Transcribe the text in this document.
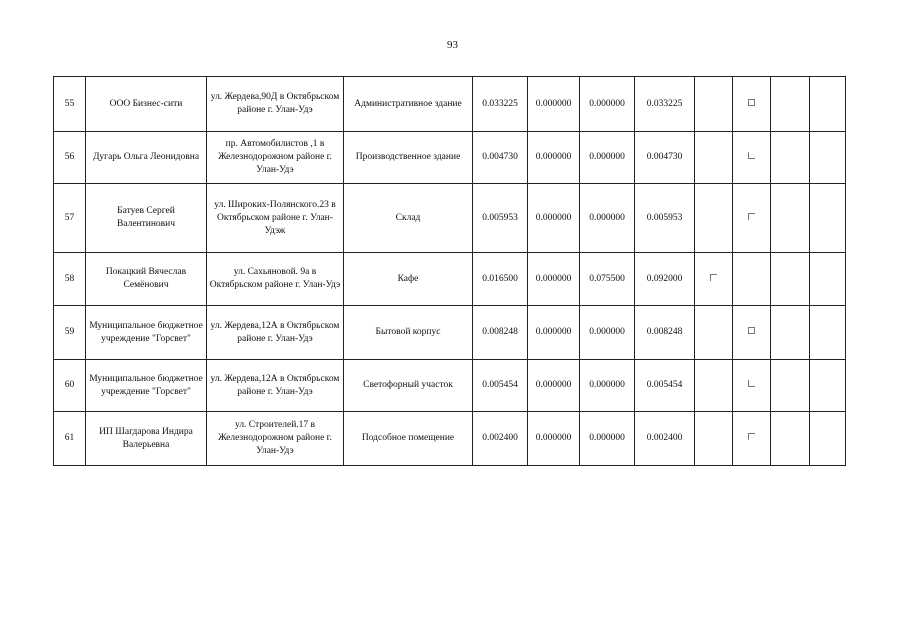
93
55	ООО Бизнес-сити	ул. Жердева,90Д в Октябрьском районе г. Улан-Удэ	Административное здание	0.033225	0.000000	0.000000	0.033225				
56	Дугарь Ольга Леонидовна	пр. Автомобилистов ,1 в Железнодорожном районе г. Улан-Удэ	Производственное здание	0.004730	0.000000	0.000000	0.004730				
57	Батуев Сергей Валентинович	ул. Широких-Полянского.23 в Октябрьском районе г. Улан-Удэж	Склад	0.005953	0.000000	0.000000	0.005953				
58	Покацкий Вячеслав Семёнович	ул. Сахьяновой. 9а в Октябрьском районе г. Улан-Удэ	Кафе	0.016500	0.000000	0.075500	0.092000				
59	Муниципальное бюджетное учреждение "Горсвет"	ул. Жердева,12А в Октябрьском районе г. Улан-Удэ	Бытовой корпус	0.008248	0.000000	0.000000	0.008248				
60	Муниципальное бюджетное учреждение "Горсвет"	ул. Жердева,12А в Октябрьском районе г. Улан-Удэ	Светофорный участок	0.005454	0.000000	0.000000	0.005454				
61	ИП Шагдарова Индира Валерьевна	ул. Строителей.17 в Железнодорожном районе г. Улан-Удэ	Подсобное помещение	0.002400	0.000000	0.000000	0.002400				
